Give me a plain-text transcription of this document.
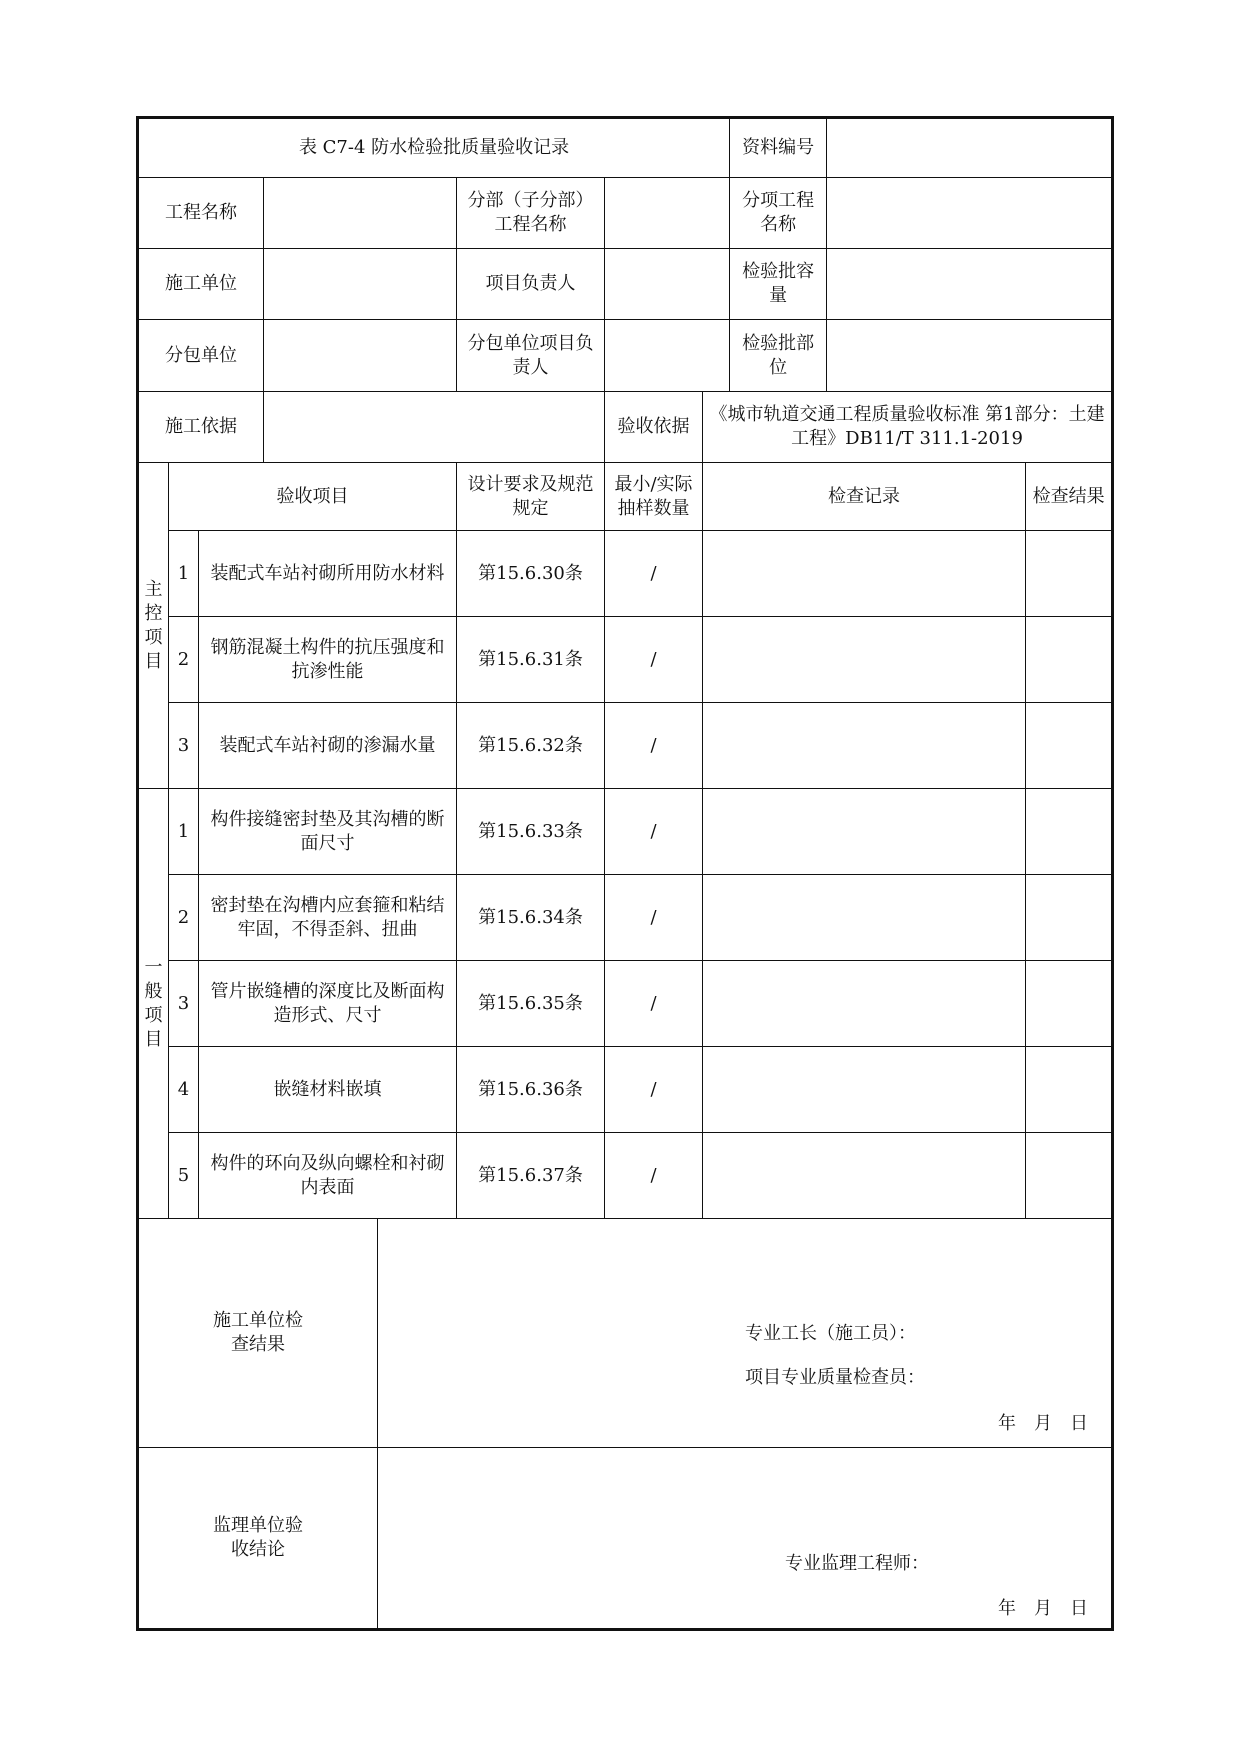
表 C7-4 防水检验批质量验收记录								资料编号		
工程名称					分部（子分部）工程名称			分项工程名称		
施工单位					项目负责人			检验批容量		
分包单位					分包单位项目负责人			检验批部位		
施工依据						验收依据	《城市轨道交通工程质量验收标准 第1部分：土建工程》DB11/T 311.1-2019			

主控项目	验收项目				设计要求及规范规定	最小/实际抽样数量	检查记录			检查结果
	1	装配式车站衬砌所用防水材料			第15.6.30条	/				
	2	钢筋混凝土构件的抗压强度和抗渗性能			第15.6.31条	/				
	3	装配式车站衬砌的渗漏水量			第15.6.32条	/				

一般项目	1	构件接缝密封垫及其沟槽的断面尺寸			第15.6.33条	/				
	2	密封垫在沟槽内应套箍和粘结牢固，不得歪斜、扭曲			第15.6.34条	/				
	3	管片嵌缝槽的深度比及断面构造形式、尺寸			第15.6.35条	/				
	4	嵌缝材料嵌填			第15.6.36条	/				
	5	构件的环向及纵向螺栓和衬砌内表面			第15.6.37条	/				
施工单位检查结果				专业工长（施工员）：
项目专业质量检查员：
年　月　日						

监理单位验收结论				专业监理工程师：
年　月　日						
